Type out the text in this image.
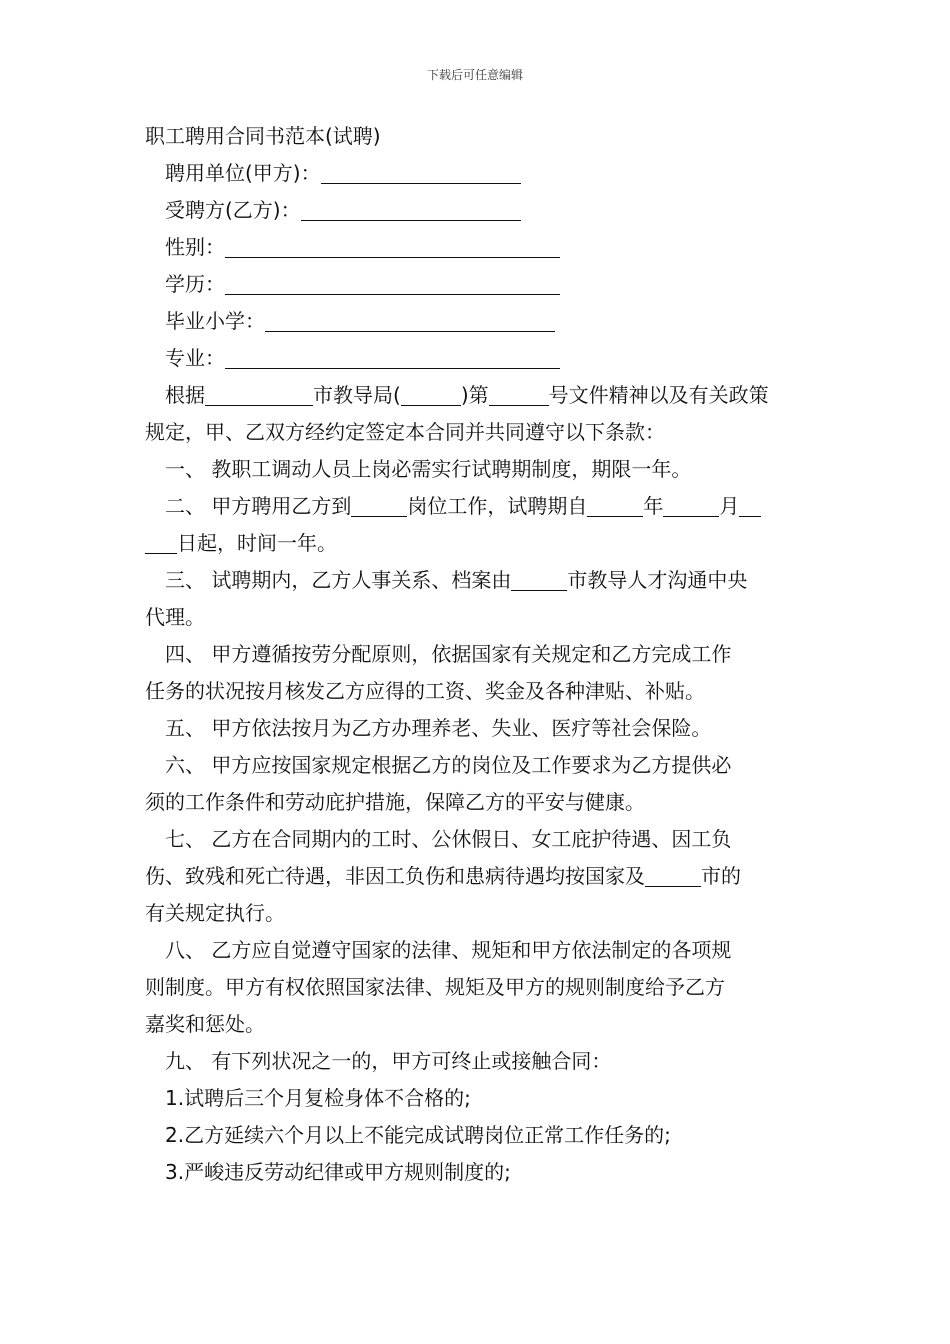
下载后可任意编辑
职工聘用合同书范本(试聘)
聘用单位(甲方)：
受聘方(乙方)：
性别：
学历：
毕业小学：
专业：
根据	市教导局(	)第	号文件精神以及有关政策
规定，甲、乙双方经约定签定本合同并共同遵守以下条款：
一、 教职工调动人员上岗必需实行试聘期制度，期限一年。
二、 甲方聘用乙方到	岗位工作，试聘期自	年	月
日起，时间一年。
三、 试聘期内，乙方人事关系、档案由	市教导人才沟通中央
代理。
四、 甲方遵循按劳分配原则，依据国家有关规定和乙方完成工作
任务的状况按月核发乙方应得的工资、奖金及各种津贴、补贴。
五、 甲方依法按月为乙方办理养老、失业、医疗等社会保险。
六、 甲方应按国家规定根据乙方的岗位及工作要求为乙方提供必
须的工作条件和劳动庇护措施，保障乙方的平安与健康。
七、 乙方在合同期内的工时、公休假日、女工庇护待遇、因工负
伤、致残和死亡待遇，非因工负伤和患病待遇均按国家及	市的
有关规定执行。
八、 乙方应自觉遵守国家的法律、规矩和甲方依法制定的各项规
则制度。甲方有权依照国家法律、规矩及甲方的规则制度给予乙方
嘉奖和惩处。
九、 有下列状况之一的，甲方可终止或接触合同：
1.试聘后三个月复检身体不合格的;
2.乙方延续六个月以上不能完成试聘岗位正常工作任务的;
3.严峻违反劳动纪律或甲方规则制度的;
